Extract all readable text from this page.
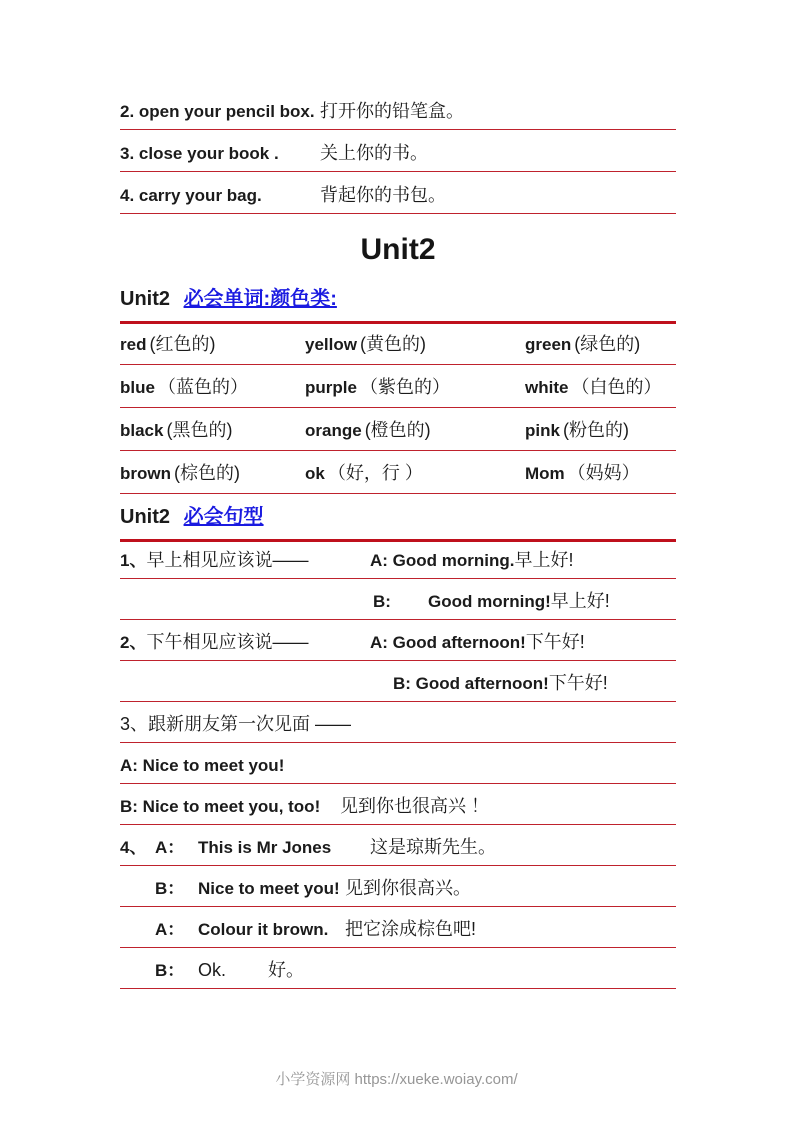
2. open your pencil box. 打开你的铅笔盒。
3. close your book .	关上你的书。
4. carry your bag.	背起你的书包。
Unit2
Unit2 必会单词:颜色类:
red (红色的)	yellow (黄色的)	green (绿色的)
blue （蓝色的）	purple （紫色的）	white （白色的）
black (黑色的)	orange (橙色的)	pink (粉色的)
brown (棕色的)	ok （好，行 ）	Mom （妈妈）
Unit2 必会句型
1、早上相见应该说——	A: Good morning. 早上好!
B:	Good morning! 早上好!
2、下午相见应该说——	A: Good afternoon! 下午好!
B: Good afternoon! 下午好!
3、跟新朋友第一次见面 ——
A: Nice to meet you!
B: Nice to meet you, too!	见到你也很高兴 ！
4、 A： This is Mr Jones	这是琼斯先生。
B： Nice to meet you! 见到你很高兴。
A： Colour it brown. 把它涂成棕色吧!
B： Ok.	好。
小学资源网 https://xueke.woiay.com/
